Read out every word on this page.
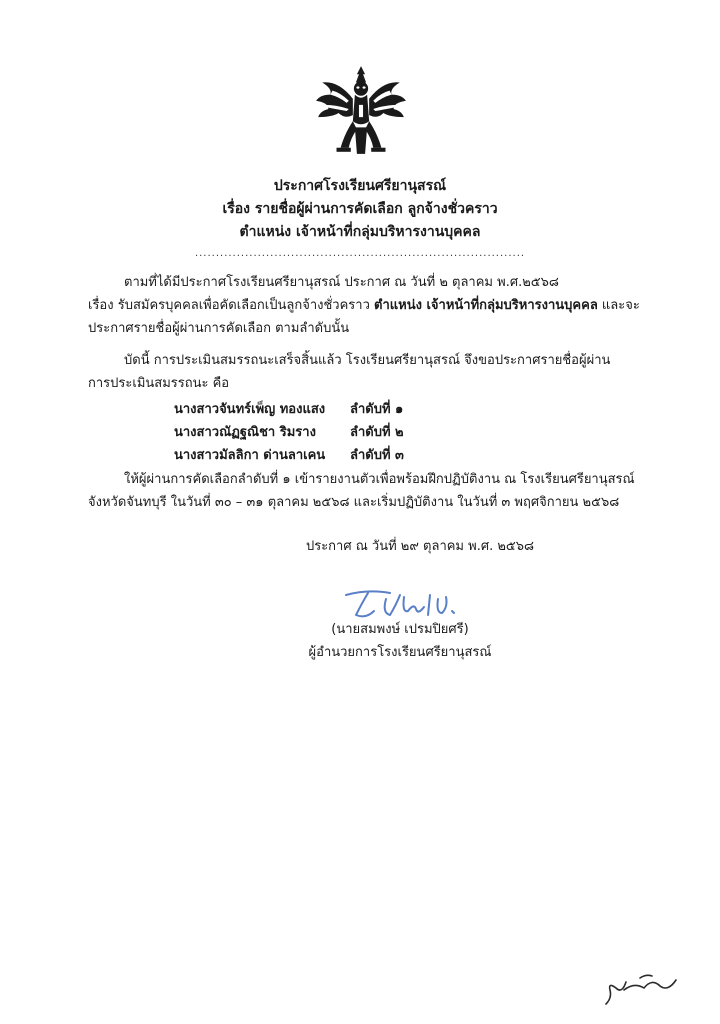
ประกาศโรงเรียนศรียานุสรณ์
เรื่อง รายชื่อผู้ผ่านการคัดเลือก ลูกจ้างชั่วคราว
ตำแหน่ง เจ้าหน้าที่กลุ่มบริหารงานบุคคล
...............................................................................
ตามที่ได้มีประกาศโรงเรียนศรียานุสรณ์ ประกาศ ณ วันที่ ๒ ตุลาคม พ.ศ.๒๕๖๘
เรื่อง รับสมัครบุคคลเพื่อคัดเลือกเป็นลูกจ้างชั่วคราว ตำแหน่ง เจ้าหน้าที่กลุ่มบริหารงานบุคคล และจะ
ประกาศรายชื่อผู้ผ่านการคัดเลือก ตามลำดับนั้น
บัดนี้ การประเมินสมรรถนะเสร็จสิ้นแล้ว โรงเรียนศรียานุสรณ์ จึงขอประกาศรายชื่อผู้ผ่าน
การประเมินสมรรถนะ คือ
นางสาวจันทร์เพ็ญ ทองแสง ลำดับที่ ๑
นางสาวณัฏฐณิชา ริมราง	ลำดับที่ ๒
นางสาวมัลลิกา ด่านลาเคน ลำดับที่ ๓
ให้ผู้ผ่านการคัดเลือกลำดับที่ ๑ เข้ารายงานตัวเพื่อพร้อมฝึกปฏิบัติงาน ณ โรงเรียนศรียานุสรณ์
จังหวัดจันทบุรี ในวันที่ ๓๐ – ๓๑ ตุลาคม ๒๕๖๘ และเริ่มปฏิบัติงาน ในวันที่ ๓ พฤศจิกายน ๒๕๖๘
ประกาศ ณ วันที่ ๒๙ ตุลาคม พ.ศ. ๒๕๖๘
(นายสมพงษ์ เปรมปิยศรี)
ผู้อำนวยการโรงเรียนศรียานุสรณ์
